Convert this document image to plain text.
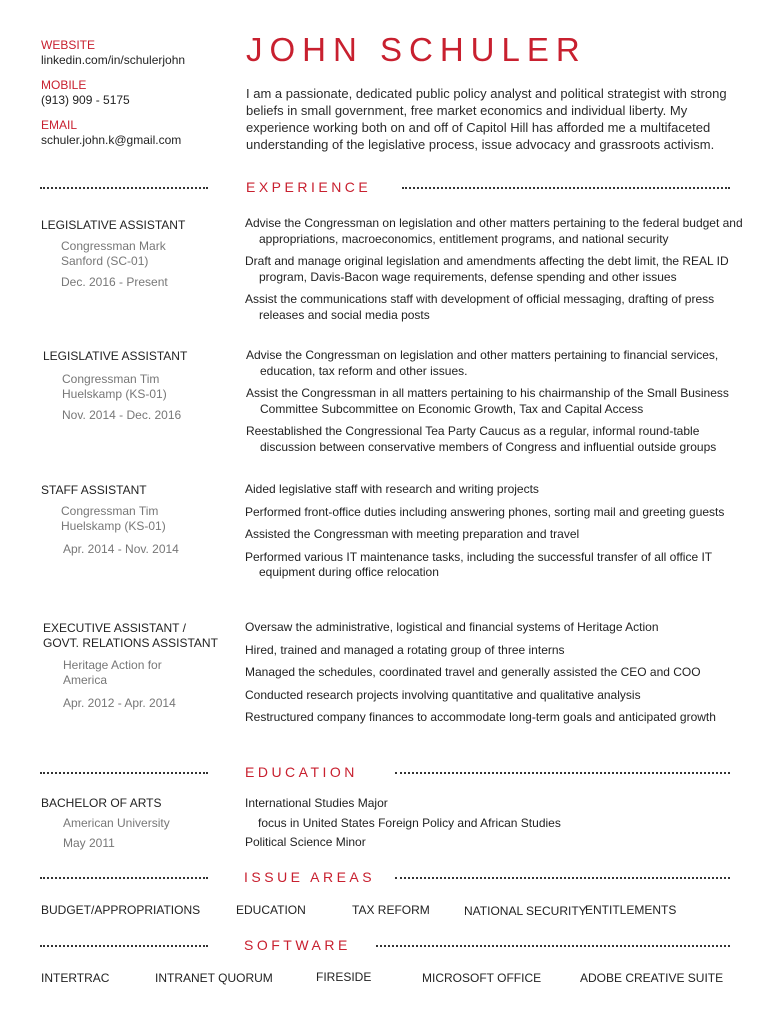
WEBSITE
linkedin.com/in/schulerjohn
MOBILE
(913) 909 - 5175
EMAIL
schuler.john.k@gmail.com
JOHN SCHULER
I am a passionate, dedicated public policy analyst and political strategist with strong beliefs in small government, free market economics and individual liberty. My experience working both on and off of Capitol Hill has afforded me a multifaceted understanding of the legislative process, issue advocacy and grassroots activism.
EXPERIENCE
LEGISLATIVE ASSISTANT
Congressman Mark Sanford (SC-01)
Dec. 2016 - Present
Advise the Congressman on legislation and other matters pertaining to the federal budget and appropriations, macroeconomics, entitlement programs, and national security
Draft and manage original legislation and amendments affecting the debt limit, the REAL ID program, Davis-Bacon wage requirements, defense spending and other issues
Assist the communications staff with development of official messaging, drafting of press releases and social media posts
LEGISLATIVE ASSISTANT
Congressman Tim Huelskamp (KS-01)
Nov. 2014 - Dec. 2016
Advise the Congressman on legislation and other matters pertaining to financial services, education, tax reform and other issues.
Assist the Congressman in all matters pertaining to his chairmanship of the Small Business Committee Subcommittee on Economic Growth, Tax and Capital Access
Reestablished the Congressional Tea Party Caucus as a regular, informal round-table discussion between conservative members of Congress and influential outside groups
STAFF ASSISTANT
Congressman Tim Huelskamp (KS-01)
Apr. 2014 - Nov. 2014
Aided legislative staff with research and writing projects
Performed front-office duties including answering phones, sorting mail and greeting guests
Assisted the Congressman with meeting preparation and travel
Performed various IT maintenance tasks, including the successful transfer of all office IT equipment during office relocation
EXECUTIVE ASSISTANT /
GOVT. RELATIONS ASSISTANT
Heritage Action for America
Apr. 2012 - Apr. 2014
Oversaw the administrative, logistical and financial systems of Heritage Action
Hired, trained and managed a rotating group of three interns
Managed the schedules, coordinated travel and generally assisted the CEO and COO
Conducted research projects involving quantitative and qualitative analysis
Restructured company finances to accommodate long-term goals and anticipated growth
EDUCATION
BACHELOR OF ARTS
American University
May 2011
International Studies Major
focus in United States Foreign Policy and African Studies
Political Science Minor
ISSUE AREAS
BUDGET/APPROPRIATIONS	EDUCATION	TAX REFORM	NATIONAL SECURITY
ENTITLEMENTS
SOFTWARE
INTERTRAC	INTRANET QUORUM	FIRESIDE	MICROSOFT OFFICE	ADOBE CREATIVE SUITE
